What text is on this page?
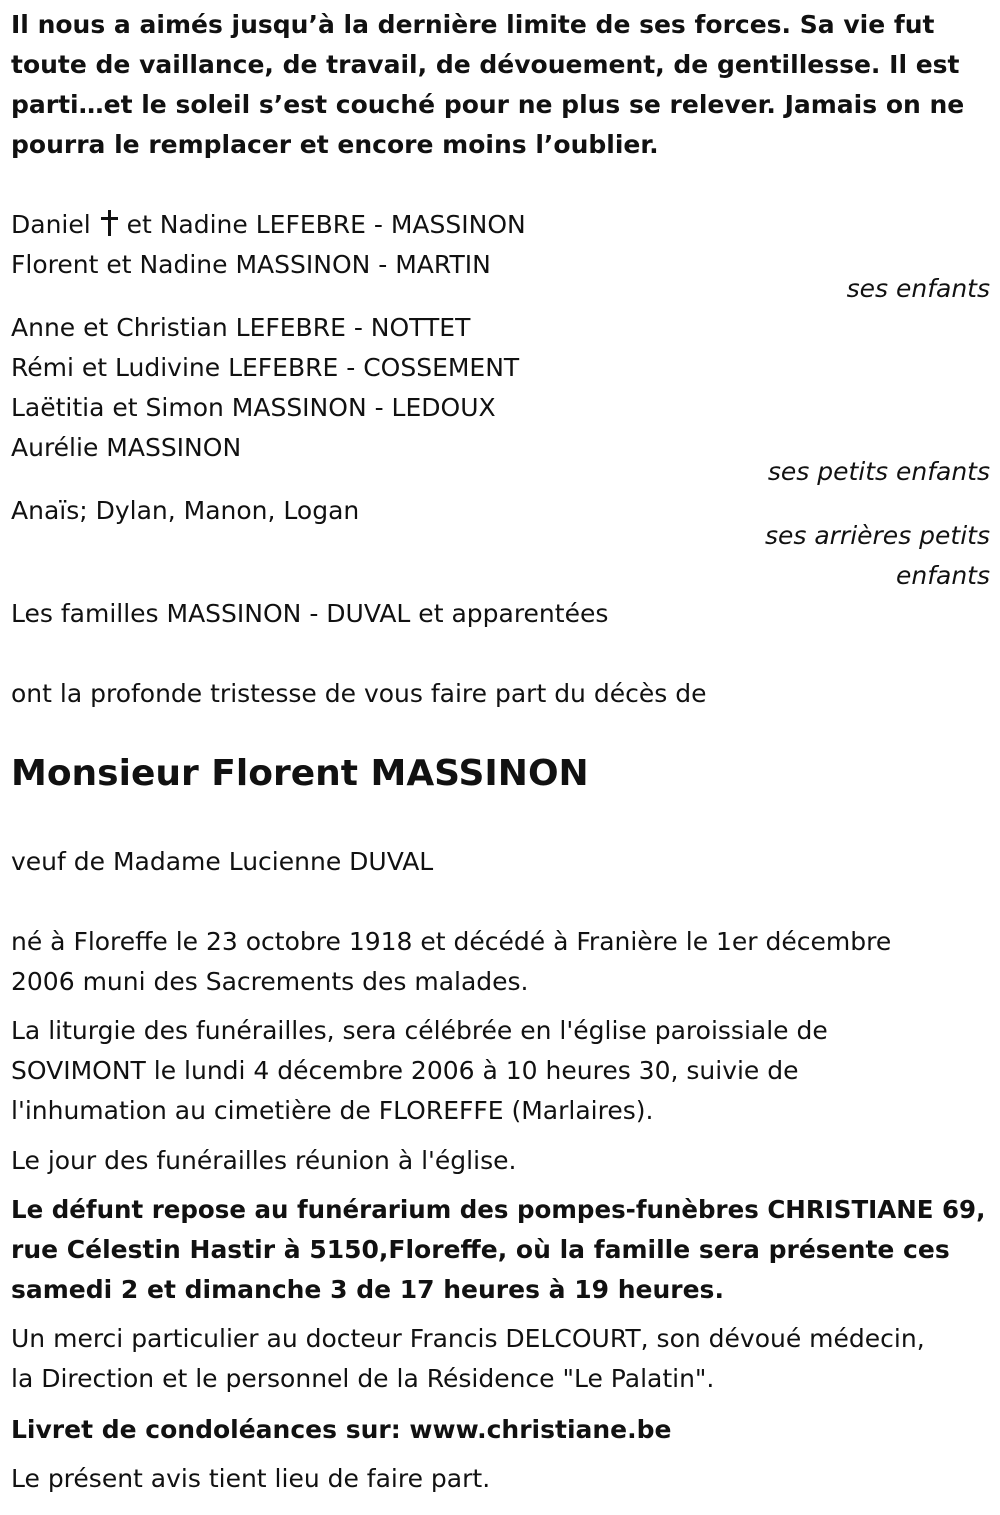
Il nous a aimés jusqu’à la dernière limite de ses forces. Sa vie fut
toute de vaillance, de travail, de dévouement, de gentillesse. Il est
parti…et le soleil s’est couché pour ne plus se relever. Jamais on ne
pourra le remplacer et encore moins l’oublier.
Daniel et Nadine LEFEBRE - MASSINON
Florent et Nadine MASSINON - MARTIN

ses enfants

Anne et Christian LEFEBRE - NOTTET
Rémi et Ludivine LEFEBRE - COSSEMENT
Laëtitia et Simon MASSINON - LEDOUX
Aurélie MASSINON

ses petits enfants

Anaïs; Dylan, Manon, Logan

ses arrières petits
enfants

Les familles MASSINON - DUVAL et apparentées

ont la profonde tristesse de vous faire part du décès de

Monsieur Florent MASSINON

veuf de Madame Lucienne DUVAL

né à Floreffe le 23 octobre 1918 et décédé à Franière le 1er décembre
2006 muni des Sacrements des malades.
La liturgie des funérailles, sera célébrée en l'église paroissiale de
SOVIMONT le lundi 4 décembre 2006 à 10 heures 30, suivie de
l'inhumation au cimetière de FLOREFFE (Marlaires).

Le jour des funérailles réunion à l'église.

Le défunt repose au funérarium des pompes-funèbres CHRISTIANE 69,
rue Célestin Hastir à 5150,Floreffe, où la famille sera présente ces
samedi 2 et dimanche 3 de 17 heures à 19 heures.
Un merci particulier au docteur Francis DELCOURT, son dévoué médecin,
la Direction et le personnel de la Résidence "Le Palatin".

Livret de condoléances sur: www.christiane.be

Le présent avis tient lieu de faire part.
